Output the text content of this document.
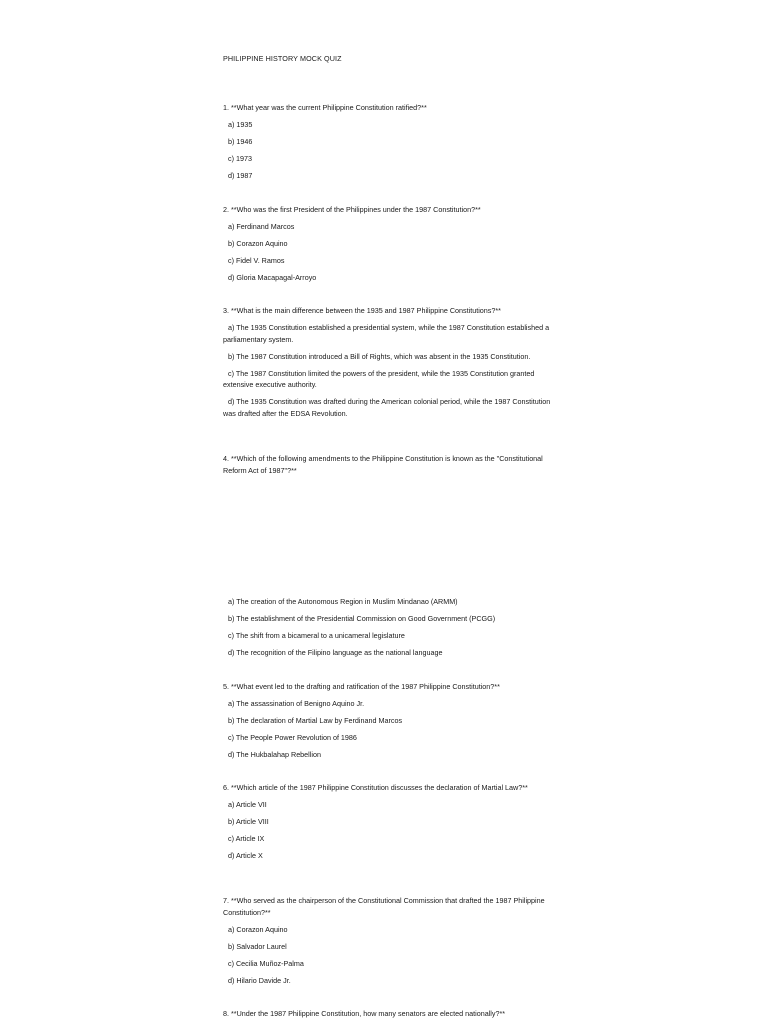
PHILIPPINE HISTORY MOCK QUIZ

1. **What year was the current Philippine Constitution ratified?**

a) 1935

b) 1946

c) 1973

d) 1987

2. **Who was the first President of the Philippines under the 1987 Constitution?**

a) Ferdinand Marcos

b) Corazon Aquino

c) Fidel V. Ramos

d) Gloria Macapagal-Arroyo

3. **What is the main difference between the 1935 and 1987 Philippine Constitutions?**

a) The 1935 Constitution established a presidential system, while the 1987 Constitution established a parliamentary system.

b) The 1987 Constitution introduced a Bill of Rights, which was absent in the 1935 Constitution.

c) The 1987 Constitution limited the powers of the president, while the 1935 Constitution granted extensive executive authority.

d) The 1935 Constitution was drafted during the American colonial period, while the 1987 Constitution was drafted after the EDSA Revolution.

4. **Which of the following amendments to the Philippine Constitution is known as the "Constitutional Reform Act of 1987"?**

a) The creation of the Autonomous Region in Muslim Mindanao (ARMM)

b) The establishment of the Presidential Commission on Good Government (PCGG)

c) The shift from a bicameral to a unicameral legislature

d) The recognition of the Filipino language as the national language

5. **What event led to the drafting and ratification of the 1987 Philippine Constitution?**

a) The assassination of Benigno Aquino Jr.

b) The declaration of Martial Law by Ferdinand Marcos

c) The People Power Revolution of 1986

d) The Hukbalahap Rebellion

6. **Which article of the 1987 Philippine Constitution discusses the declaration of Martial Law?**

a) Article VII

b) Article VIII

c) Article IX

d) Article X

7. **Who served as the chairperson of the Constitutional Commission that drafted the 1987 Philippine Constitution?**

a) Corazon Aquino

b) Salvador Laurel

c) Cecilia Muñoz-Palma

d) Hilario Davide Jr.

8. **Under the 1987 Philippine Constitution, how many senators are elected nationally?**
